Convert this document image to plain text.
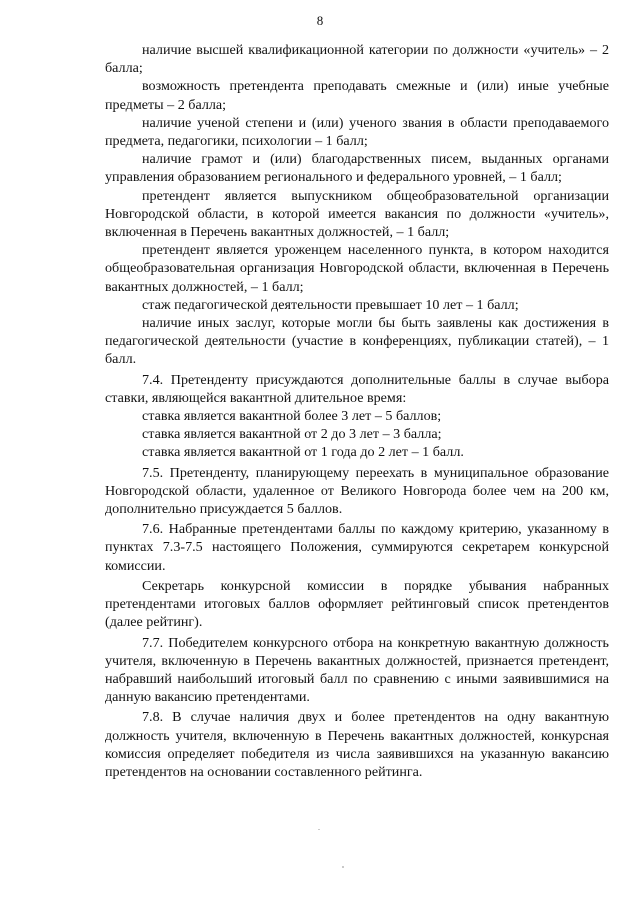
8

наличие высшей квалификационной категории по должности «учитель» – 2 балла;

возможность претендента преподавать смежные и (или) иные учебные предметы – 2 балла;

наличие ученой степени и (или) ученого звания в области преподаваемого предмета, педагогики, психологии – 1 балл;

наличие грамот и (или) благодарственных писем, выданных органами управления образованием регионального и федерального уровней, – 1 балл;

претендент является выпускником общеобразовательной организации Новгородской области, в которой имеется вакансия по должности «учитель», включенная в Перечень вакантных должностей, – 1 балл;

претендент является уроженцем населенного пункта, в котором находится общеобразовательная организация Новгородской области, включенная в Перечень вакантных должностей, – 1 балл;

стаж педагогической деятельности превышает 10 лет – 1 балл;

наличие иных заслуг, которые могли бы быть заявлены как достижения в педагогической деятельности (участие в конференциях, публикации статей), – 1 балл.

7.4. Претенденту присуждаются дополнительные баллы в случае выбора ставки, являющейся вакантной длительное время:

ставка является вакантной более 3 лет – 5 баллов;

ставка является вакантной от 2 до 3 лет – 3 балла;

ставка является вакантной от 1 года до 2 лет – 1 балл.

7.5. Претенденту, планирующему переехать в муниципальное образование Новгородской области, удаленное от Великого Новгорода более чем на 200 км, дополнительно присуждается 5 баллов.

7.6. Набранные претендентами баллы по каждому критерию, указанному в пунктах 7.3-7.5 настоящего Положения, суммируются секретарем конкурсной комиссии.

Секретарь конкурсной комиссии в порядке убывания набранных претендентами итоговых баллов оформляет рейтинговый список претендентов (далее рейтинг).

7.7. Победителем конкурсного отбора на конкретную вакантную должность учителя, включенную в Перечень вакантных должностей, признается претендент, набравший наибольший итоговый балл по сравнению с иными заявившимися на данную вакансию претендентами.

7.8. В случае наличия двух и более претендентов на одну вакантную должность учителя, включенную в Перечень вакантных должностей, конкурсная комиссия определяет победителя из числа заявившихся на указанную вакансию претендентов на основании составленного рейтинга.
